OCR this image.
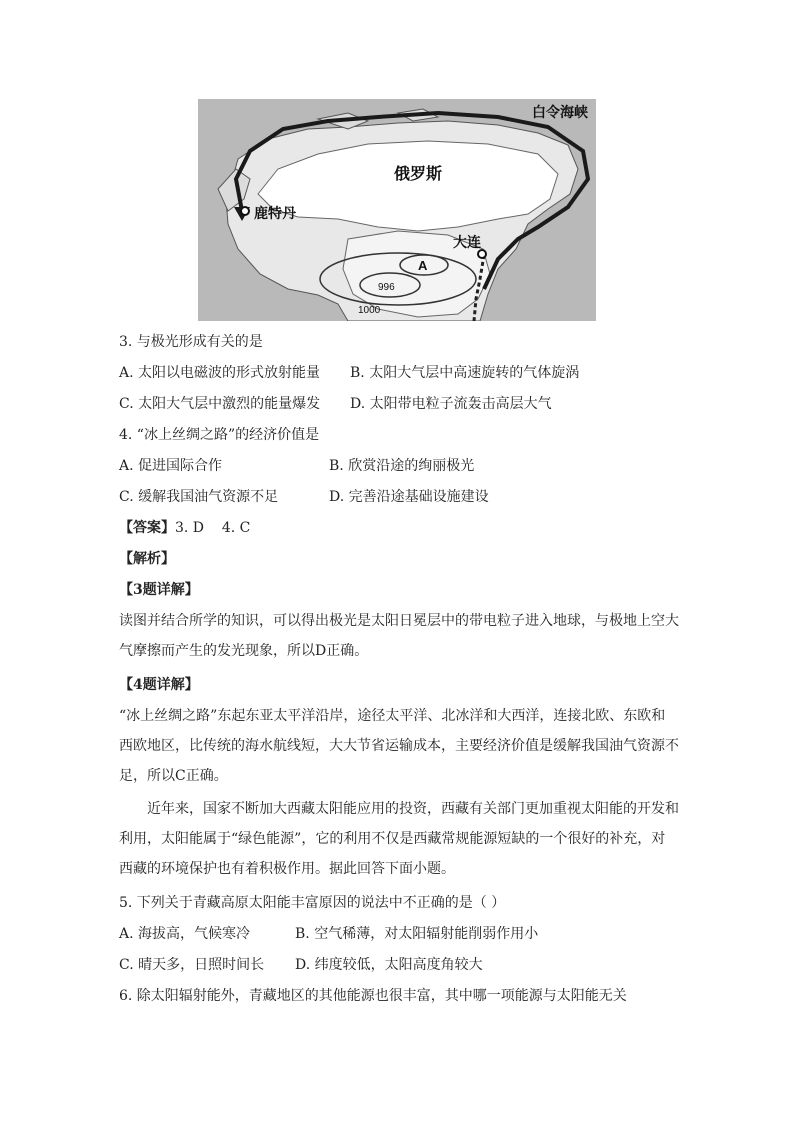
白令海峡
俄罗斯
鹿特丹
大连
A
996
1000
3. 与极光形成有关的是
A. 太阳以电磁波的形式放射能量 B. 太阳大气层中高速旋转的气体旋涡
C. 太阳大气层中激烈的能量爆发 D. 太阳带电粒子流轰击高层大气
4. “冰上丝绸之路”的经济价值是
A. 促进国际合作	B. 欣赏沿途的绚丽极光
C. 缓解我国油气资源不足	D. 完善沿途基础设施建设
【答案】3. D    4. C
【解析】
【3题详解】
读图并结合所学的知识，可以得出极光是太阳日冕层中的带电粒子进入地球，与极地上空大气摩擦而产生的发光现象，所以D正确。
【4题详解】
“冰上丝绸之路”东起东亚太平洋沿岸，途径太平洋、北冰洋和大西洋，连接北欧、东欧和西欧地区，比传统的海水航线短，大大节省运输成本，主要经济价值是缓解我国油气资源不足，所以C正确。
近年来，国家不断加大西藏太阳能应用的投资，西藏有关部门更加重视太阳能的开发和利用，太阳能属于“绿色能源”，它的利用不仅是西藏常规能源短缺的一个很好的补充，对西藏的环境保护也有着积极作用。据此回答下面小题。
5. 下列关于青藏高原太阳能丰富原因的说法中不正确的是（ ）
A. 海拔高，气候寒冷	B. 空气稀薄，对太阳辐射能削弱作用小
C. 晴天多，日照时间长 D. 纬度较低，太阳高度角较大
6. 除太阳辐射能外，青藏地区的其他能源也很丰富，其中哪一项能源与太阳能无关
